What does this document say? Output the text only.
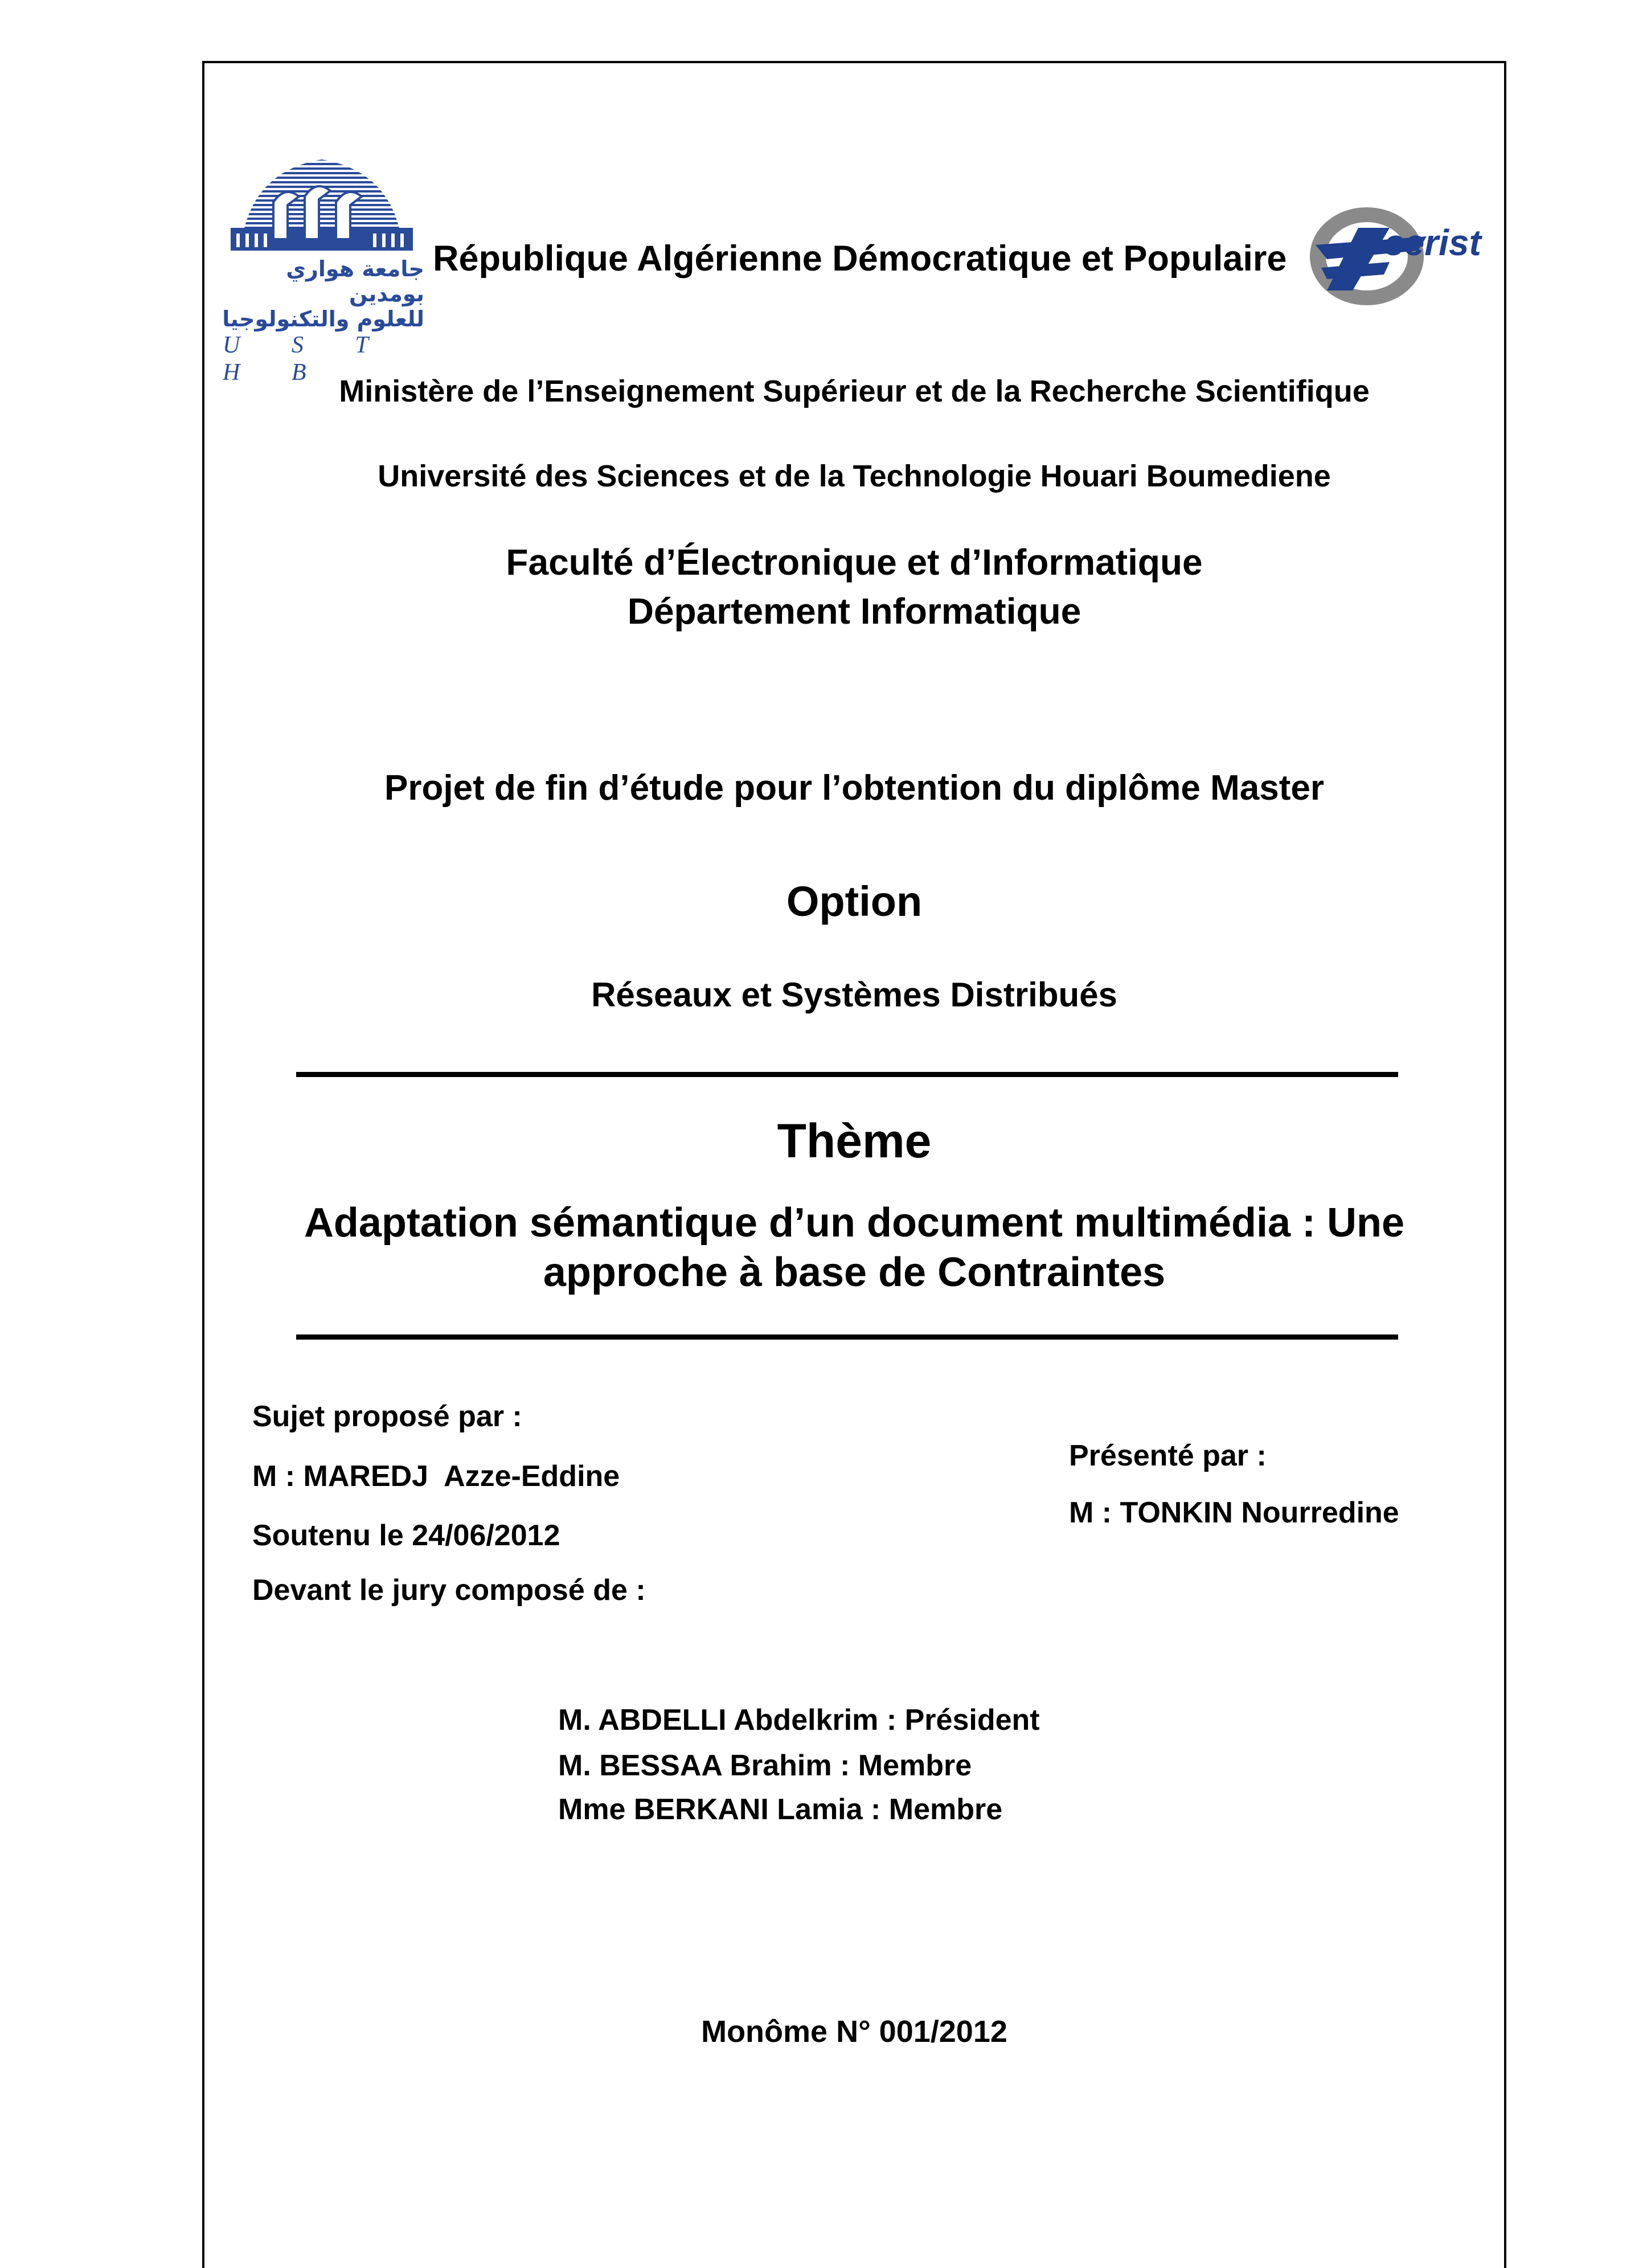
جامعة هواري بومدين
للعلوم والتكنولوجيا
U S T H B
République Algérienne Démocratique et Populaire	cerist
Ministère de l’Enseignement Supérieur et de la Recherche Scientifique
Université des Sciences et de la Technologie Houari Boumediene
Faculté d’Électronique et d’Informatique
Département Informatique
Projet de fin d’étude pour l’obtention du diplôme Master
Option
Réseaux et Systèmes Distribués
Thème
Adaptation sémantique d’un document multimédia : Une
approche à base de Contraintes
Sujet proposé par :
M : MAREDJ  Azze-Eddine
Soutenu le 24/06/2012
Devant le jury composé de :
Présenté par :
M : TONKIN Nourredine
M. ABDELLI Abdelkrim : Président
M. BESSAA Brahim : Membre
Mme BERKANI Lamia : Membre
Monôme N° 001/2012
